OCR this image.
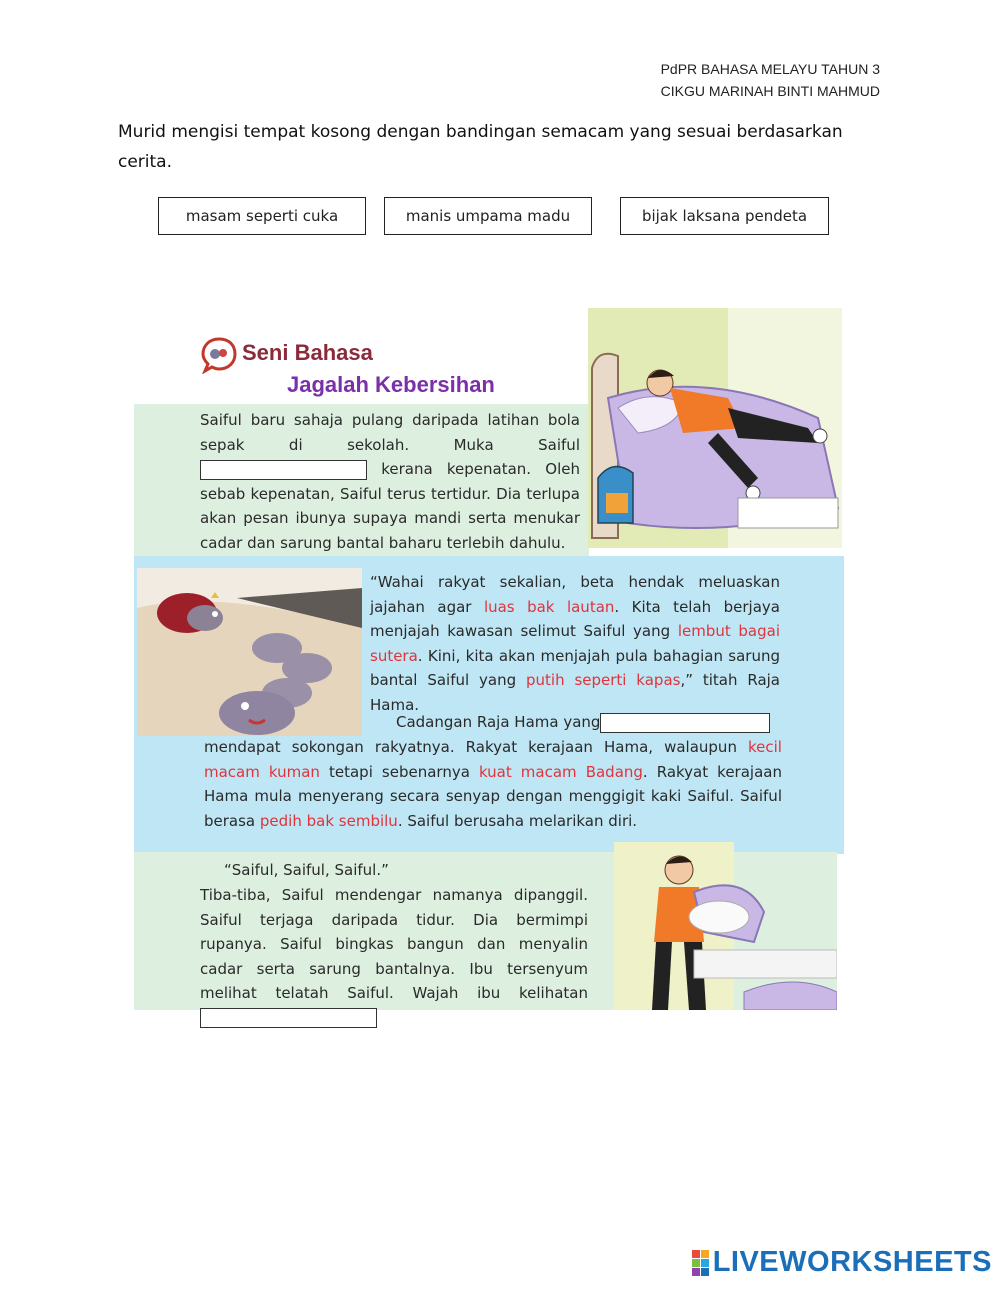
PdPR BAHASA MELAYU TAHUN 3
CIKGU MARINAH BINTI MAHMUD
Murid mengisi tempat kosong dengan bandingan semacam yang sesuai berdasarkan cerita.
masam seperti cuka	manis umpama madu	bijak laksana pendeta
Seni Bahasa
Jagalah Kebersihan
Saiful baru sahaja pulang daripada latihan bola sepak di sekolah. Muka Saiful kerana kepenatan. Oleh sebab kepenatan, Saiful terus tertidur. Dia terlupa akan pesan ibunya supaya mandi serta menukar cadar dan sarung bantal baharu terlebih dahulu.
“Wahai rakyat sekalian, beta hendak meluaskan jajahan agar luas bak lautan. Kita telah berjaya menjajah kawasan selimut Saiful yang lembut bagai sutera. Kini, kita akan menjajah pula bahagian sarung bantal Saiful yang putih seperti kapas,” titah Raja Hama.
Cadangan Raja Hama yang
mendapat sokongan rakyatnya. Rakyat kerajaan Hama, walaupun kecil macam kuman tetapi sebenarnya kuat macam Badang. Rakyat kerajaan Hama mula menyerang secara senyap dengan menggigit kaki Saiful. Saiful berasa pedih bak sembilu. Saiful berusaha melarikan diri.
“Saiful, Saiful, Saiful.”
Tiba-tiba, Saiful mendengar namanya dipanggil. Saiful terjaga daripada tidur. Dia bermimpi rupanya. Saiful bingkas bangun dan menyalin cadar serta sarung bantalnya. Ibu tersenyum melihat telatah Saiful. Wajah ibu kelihatan
LIVEWORKSHEETS
